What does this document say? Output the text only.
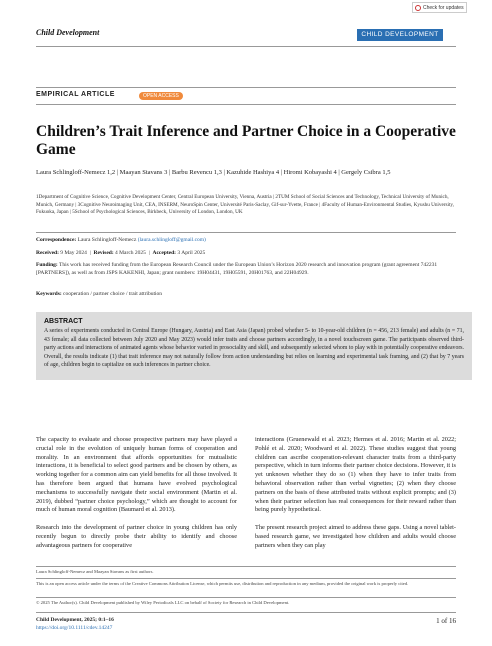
Check for updates
Child Development	CHILD DEVELOPMENT
EMPIRICAL ARTICLE	OPEN ACCESS
Children’s Trait Inference and Partner Choice in a Cooperative Game
Laura Schlingloff-Nemecz 1,2 | Maayan Stavans 3 | Barbu Revencu 1,3 | Kazuhide Hashiya 4 | Hiromi Kobayashi 4 | Gergely Csibra 1,5
1Department of Cognitive Science, Cognitive Development Center, Central European University, Vienna, Austria | 2TUM School of Social Sciences and Technology, Technical University of Munich, Munich, Germany | 3Cognitive Neuroimaging Unit, CEA, INSERM, NeuroSpin Center, Université Paris-Saclay, Gif-sur-Yvette, France | 4Faculty of Human-Environmental Studies, Kyushu University, Fukuoka, Japan | 5School of Psychological Sciences, Birkbeck, University of London, London, UK
Correspondence: Laura Schlingloff-Nemecz (laura.schlingloff@gmail.com)
Received: 9 May 2024  |  Revised: 4 March 2025  |  Accepted: 3 April 2025
Funding: This work has received funding from the European Research Council under the European Union’s Horizon 2020 research and innovation program (grant agreement 742231 [PARTNERS]), as well as from JSPS KAKENHI, Japan; grant numbers: 19H04431, 19H05591, 20H01763, and 22H04929.
Keywords: cooperation / partner choice / trait attribution
ABSTRACT
A series of experiments conducted in Central Europe (Hungary, Austria) and East Asia (Japan) probed whether 5- to 10-year-old children (n = 456, 213 female) and adults (n = 71, 43 female; all data collected between July 2020 and May 2023) would infer traits and choose partners accordingly, in a novel touchscreen game. The participants observed third-party actions and interactions of animated agents whose behavior varied in prosociality and skill, and subsequently selected whom to play with in potentially cooperative endeavors. Overall, the results indicate (1) that trait inference may not naturally follow from action understanding but relies on learning and experimental task framing, and (2) that by 7 years of age, children begin to capitalize on such inferences in partner choice.

The capacity to evaluate and choose prospective partners may have played a crucial role in the evolution of uniquely human forms of cooperation and morality. In an environment that affords opportunities for mutualistic interactions, it is beneficial to select good partners and be chosen by others, as working together for a common aim can yield benefits for all those involved. It has therefore been argued that humans have evolved psychological mechanisms to successfully navigate their social environment (Martin et al. 2019), dubbed “partner choice psychology,” which are thought to account for much of human moral cognition (Baumard et al. 2013).

Research into the development of partner choice in young children has only recently begun to directly probe their ability to identify and choose advantageous partners for cooperative

interactions (Gruenewald et al. 2023; Hermes et al. 2016; Martin et al. 2022; Pohlé et al. 2020; Woodward et al. 2022). These studies suggest that young children can ascribe cooperation-relevant character traits from a third-party perspective, which in turn informs their partner choice decisions. However, it is yet unknown whether they do so (1) when they have to infer traits from behavioral observation rather than verbal vignettes; (2) when they choose partners on the basis of these attributed traits without explicit prompts; and (3) when their partner selection has real consequences for their reward rather than being purely hypothetical.

The present research project aimed to address these gaps. Using a novel tablet-based research game, we investigated how children and adults would choose partners when they can play

Laura Schlingloff-Nemecz and Maayan Stavans as first authors.
This is an open access article under the terms of the Creative Commons Attribution License, which permits use, distribution and reproduction in any medium, provided the original work is properly cited.
© 2025 The Author(s). Child Development published by Wiley Periodicals LLC on behalf of Society for Research in Child Development.
Child Development, 2025; 0:1–16
https://doi.org/10.1111/cdev.14247
1 of 16
